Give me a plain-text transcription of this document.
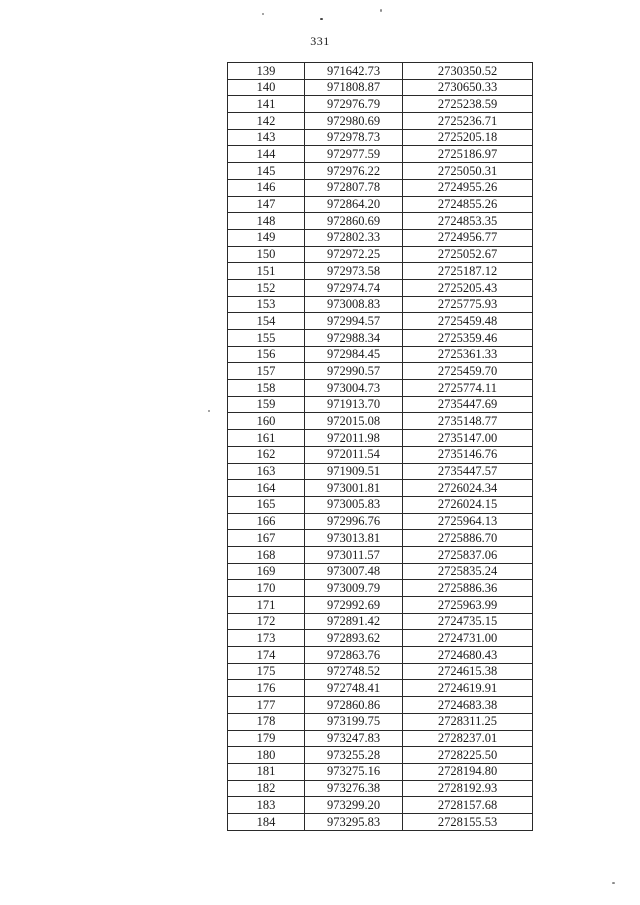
331
139	971642.73	2730350.52
140	971808.87	2730650.33
141	972976.79	2725238.59
142	972980.69	2725236.71
143	972978.73	2725205.18
144	972977.59	2725186.97
145	972976.22	2725050.31
146	972807.78	2724955.26
147	972864.20	2724855.26
148	972860.69	2724853.35
149	972802.33	2724956.77
150	972972.25	2725052.67
151	972973.58	2725187.12
152	972974.74	2725205.43
153	973008.83	2725775.93
154	972994.57	2725459.48
155	972988.34	2725359.46
156	972984.45	2725361.33
157	972990.57	2725459.70
158	973004.73	2725774.11
159	971913.70	2735447.69
160	972015.08	2735148.77
161	972011.98	2735147.00
162	972011.54	2735146.76
163	971909.51	2735447.57
164	973001.81	2726024.34
165	973005.83	2726024.15
166	972996.76	2725964.13
167	973013.81	2725886.70
168	973011.57	2725837.06
169	973007.48	2725835.24
170	973009.79	2725886.36
171	972992.69	2725963.99
172	972891.42	2724735.15
173	972893.62	2724731.00
174	972863.76	2724680.43
175	972748.52	2724615.38
176	972748.41	2724619.91
177	972860.86	2724683.38
178	973199.75	2728311.25
179	973247.83	2728237.01
180	973255.28	2728225.50
181	973275.16	2728194.80
182	973276.38	2728192.93
183	973299.20	2728157.68
184	973295.83	2728155.53
